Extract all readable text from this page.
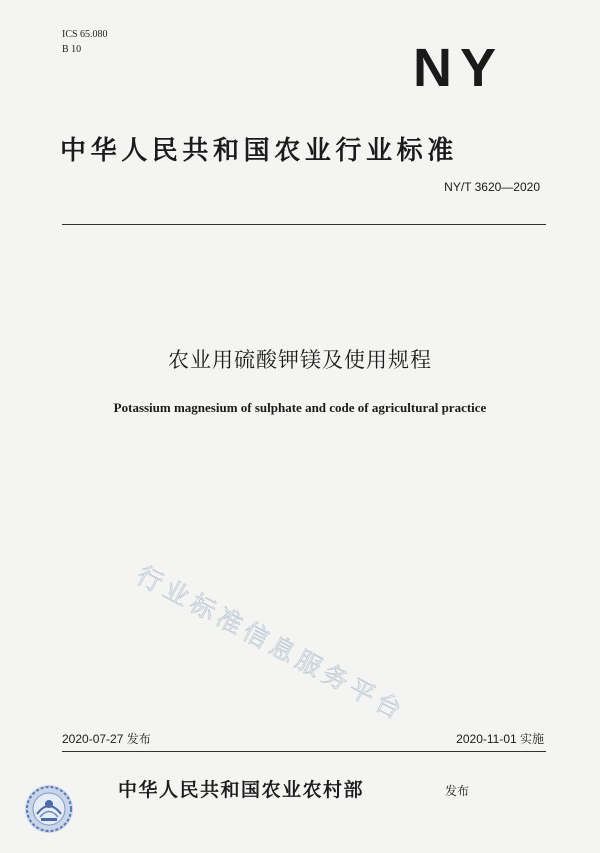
ICS 65.080
B 10	NY
中华人民共和国农业行业标准
NY/T 3620—2020
农业用硫酸钾镁及使用规程
Potassium magnesium of sulphate and code of agricultural practice
行业标准信息服务平台
2020-07-27 发布	2020-11-01 实施
中华人民共和国农业农村部	发布
